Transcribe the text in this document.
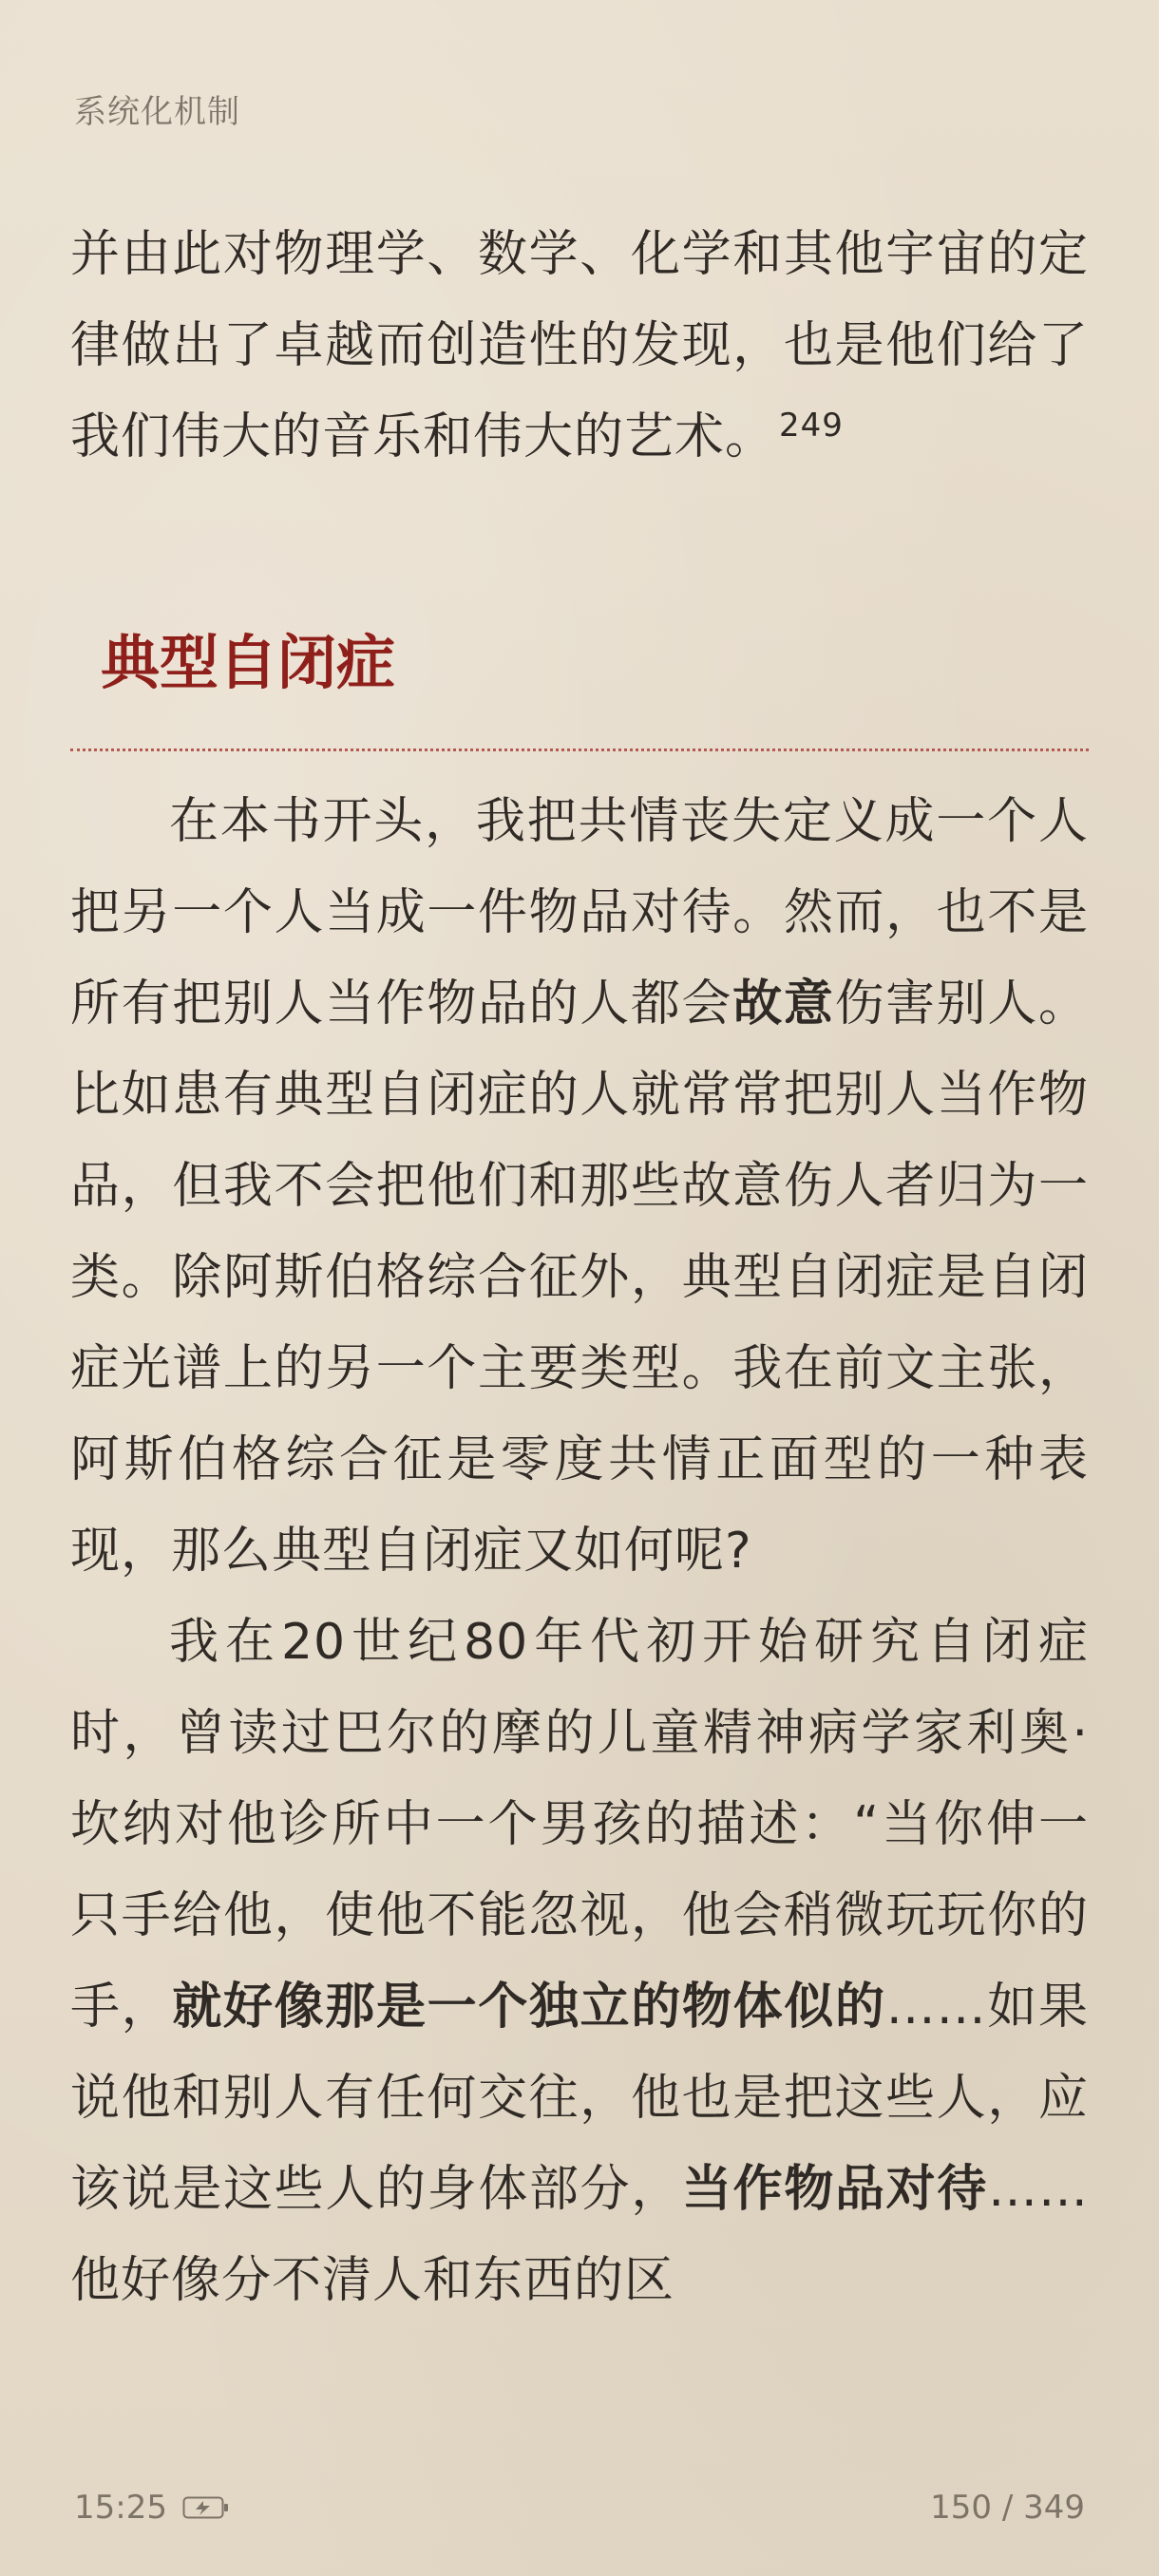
系统化机制

并由此对物理学、数学、化学和其他宇宙的定律做出了卓越而创造性的发现，也是他们给了我们伟大的音乐和伟大的艺术。 $^{249}$

典型自闭症

在本书开头，我把共情丧失定义成一个人把另一个人当成一件物品对待。然而，也不是所有把别人当作物品的人都会故意伤害别人。比如患有典型自闭症的人就常常把别人当作物品，但我不会把他们和那些故意伤人者归为一类。除阿斯伯格综合征外，典型自闭症是自闭症光谱上的另一个主要类型。我在前文主张，阿斯伯格综合征是零度共情正面型的一种表现，那么典型自闭症又如何呢?

我在20世纪80年代初开始研究自闭症时，曾读过巴尔的摩的儿童精神病学家利奥·坎纳对他诊所中一个男孩的描述：“当你伸一只手给他，使他不能忽视，他会稍微玩玩你的手，就好像那是一个独立的物体似的……如果说他和别人有任何交往，他也是把这些人，应该说是这些人的身体部分，当作物品对待……他好像分不清人和东西的区

15:25	150 / 349
